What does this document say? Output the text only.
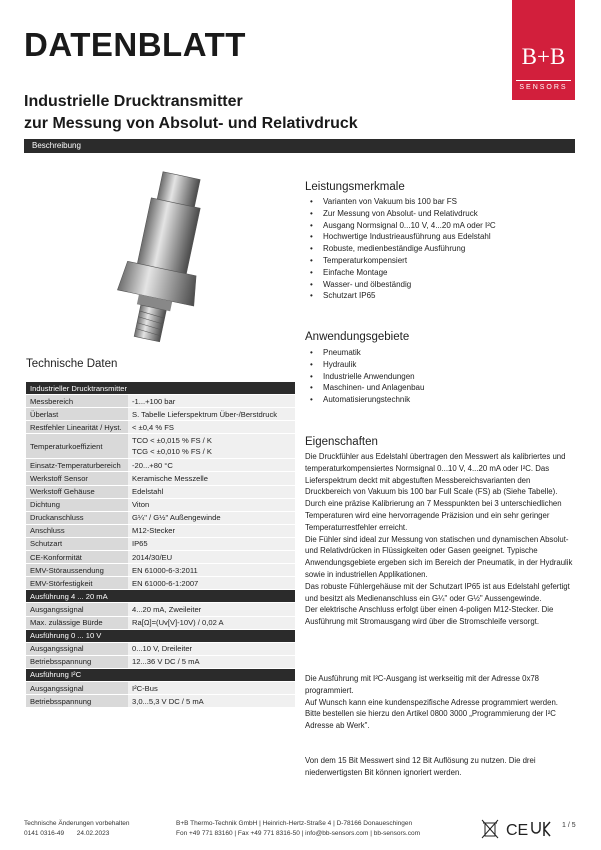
DATENBLATT	B+B
SENSORS
Industrielle Drucktransmitter
zur Messung von Absolut- und Relativdruck
Beschreibung
Leistungsmerkmale
• Varianten von Vakuum bis 100 bar FS
• Zur Messung von Absolut- und Relativdruck
• Ausgang Normsignal 0...10 V, 4...20 mA oder I²C
• Hochwertige Industrieausführung aus Edelstahl
• Robuste, medienbeständige Ausführung
• Temperaturkompensiert
• Einfache Montage
• Wasser- und ölbeständig
• Schutzart IP65
Anwendungsgebiete
• Pneumatik
• Hydraulik
• Industrielle Anwendungen
• Maschinen- und Anlagenbau
• Automatisierungstechnik
Eigenschaften

Die Druckfühler aus Edelstahl übertragen den Messwert als kalibriertes und temperaturkompensiertes Normsignal 0...10 V, 4...20 mA oder I²C. Das Lieferspektrum deckt mit abgestuften Messbereichsvarianten den Druckbereich von Vakuum bis 100 bar Full Scale (FS) ab (Siehe Tabelle).

Durch eine präzise Kalibrierung an 7 Messpunkten bei 3 unterschiedlichen Temperaturen wird eine hervorragende Präzision und ein sehr geringer Temperaturrestfehler erreicht.

Die Fühler sind ideal zur Messung von statischen und dynamischen Absolut- und Relativdrücken in Flüssigkeiten oder Gasen geeignet. Typische Anwendungsgebiete ergeben sich im Bereich der Pneumatik, in der Hydraulik sowie in industriellen Applikationen.

Das robuste Fühlergehäuse mit der Schutzart IP65 ist aus Edelstahl gefertigt und besitzt als Medienanschluss ein G¼" oder G½" Aussengewinde.

Der elektrische Anschluss erfolgt über einen 4-poligen M12-Stecker. Die Ausführung mit Stromausgang wird über die Stromschleife versorgt.

Die Ausführung mit I²C-Ausgang ist werkseitig mit der Adresse 0x78 programmiert.

Auf Wunsch kann eine kundenspezifische Adresse programmiert werden. Bitte bestellen sie hierzu den Artikel 0800 3000 „Programmierung der I²C Adresse ab Werk".

Von dem 15 Bit Messwert sind 12 Bit Auflösung zu nutzen. Die drei niederwertigsten Bit können ignoriert werden.
Technische Daten
Industrieller Drucktransmitter	
Messbereich	-1...+100 bar
Überlast	S. Tabelle Lieferspektrum Über-/Berstdruck
Restfehler Linearität / Hyst.	< ±0,4 % FS
Temperaturkoeffizient	TCO < ±0,015 % FS / K
TCG < ±0,010 % FS / K

Einsatz-Temperaturbereich	-20...+80 °C
Werkstoff Sensor	Keramische Messzelle
Werkstoff Gehäuse	Edelstahl
Dichtung	Viton
Druckanschluss	G¼" / G½" Außengewinde
Anschluss	M12-Stecker
Schutzart	IP65
CE-Konformität	2014/30/EU
EMV-Störaussendung	EN 61000-6-3:2011
EMV-Störfestigkeit	EN 61000-6-1:2007
Ausführung 4 ... 20 mA	
Ausgangssignal	4...20 mA, Zweileiter
Max. zulässige Bürde	Ra[Ω]=(Uv[V]-10V) / 0,02 A
Ausführung 0 ... 10 V	
Ausgangssignal	0...10 V, Dreileiter
Betriebsspannung	12...36 V DC / 5 mA
Ausführung I²C	
Ausgangssignal	I²C-Bus
Betriebsspannung	3,0...5,3 V DC / 5 mA
Technische Änderungen vorbehalten
0141 0316-49 24.02.2023
B+B Thermo-Technik GmbH | Heinrich-Hertz-Straße 4 | D-78166 Donaueschingen
Fon +49 771 83160 | Fax +49 771 8316-50 | info@bb-sensors.com | bb-sensors.com	CE	1 / 5
